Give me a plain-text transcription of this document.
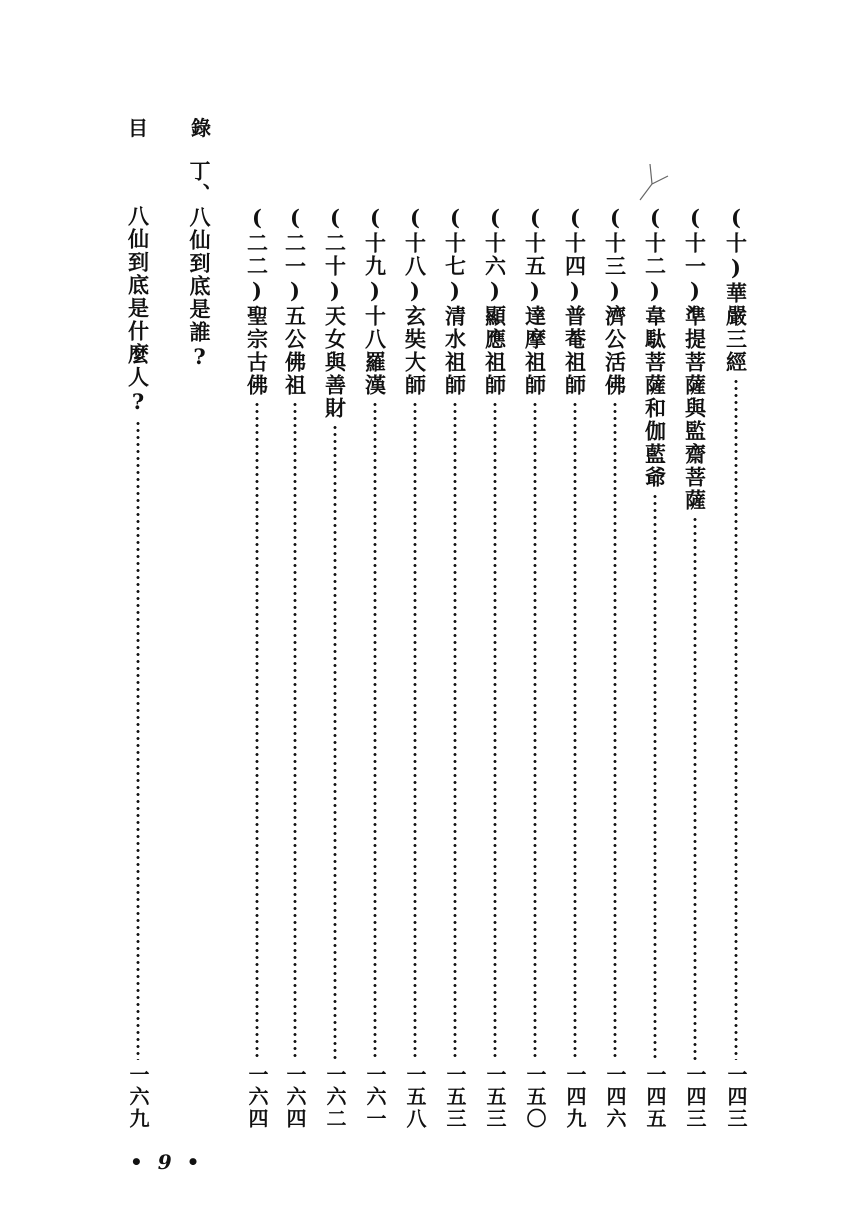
目 錄
(十)華嚴三經
一四三
(十一)準提菩薩與監齋菩薩
一四三
(十二)韋駄菩薩和伽藍爺
一四五
(十三)濟公活佛
一四六
(十四)普菴祖師
一四九
(十五)達摩祖師
一五〇
(十六)顯應祖師
一五三
(十七)清水祖師
一五三
(十八)玄奘大師
一五八
(十九)十八羅漢
一六一
(二十)天女與善財
一六二
(二一)五公佛祖
一六四
(二二)聖宗古佛
一六四
丁、八仙到底是誰?
八仙到底是什麼人?
一六九
• 9 •
